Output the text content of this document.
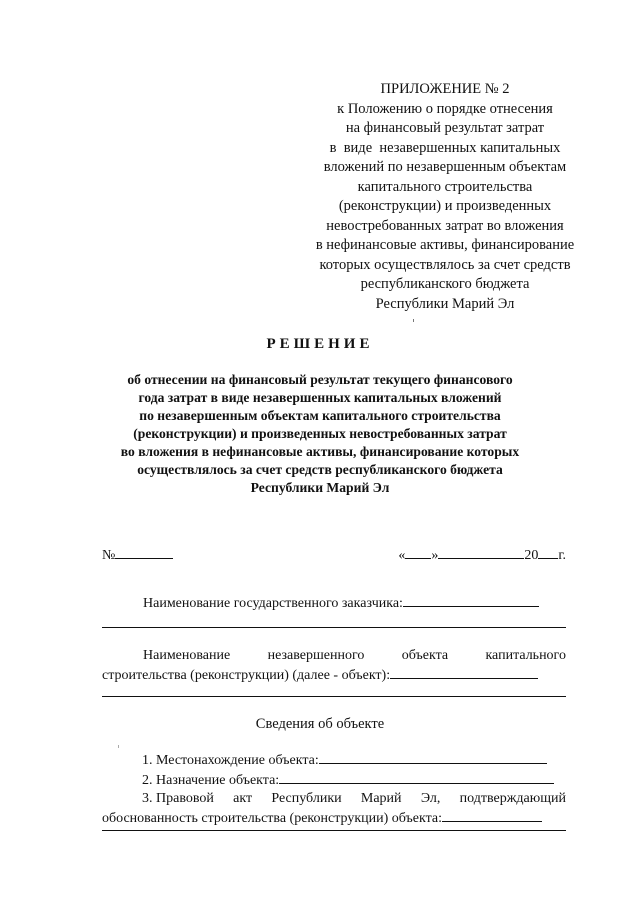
ПРИЛОЖЕНИЕ № 2
к Положению о порядке отнесения
на финансовый результат затрат
в  виде  незавершенных капитальных
вложений по незавершенным объектам
капитального строительства
(реконструкции) и произведенных
невостребованных затрат во вложения
в нефинансовые активы, финансирование
которых осуществлялось за счет средств
республиканского бюджета
Республики Марий Эл
РЕШЕНИЕ
об отнесении на финансовый результат текущего финансового
года затрат в виде незавершенных капитальных вложений
по незавершенным объектам капитального строительства
(реконструкции) и произведенных невостребованных затрат
во вложения в нефинансовые активы, финансирование которых
осуществлялось за счет средств республиканского бюджета
Республики Марий Эл
№	« »	20 г.
Наименование государственного заказчика:
Наименование	незавершенного	объекта	капитального
строительства (реконструкции) (далее - объект):
Сведения об объекте
1. Местонахождение объекта:
2. Назначение объекта:
3. Правовой акт Республики Марий Эл, подтверждающий
обоснованность строительства (реконструкции) объекта:
